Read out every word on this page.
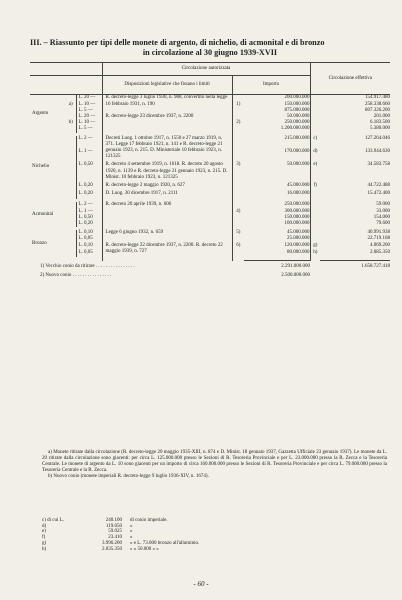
III. – Riassunto per tipi delle monete di argento, di nichelio, di acmonital e di bronzo
in circolazione al 30 giugno 1939-XVII
			Circolazione autorizzata			Circolazione effettiva	
			Disposizioni legislative che fissano i limiti	Importo			
Argento		L. 20 —	R. decreto-legge 3 luglio 1930, n. 988, convertito nella legge 16 febbraio 1931, n. 190		200.000.000		154.917.480
	a)	L. 10 —		1)	150.000.000		258.338.660
		L. 5 —			875.000.000		807.326.200
		L. 20 —	R. decreto-legge 23 dicembre 1937, n. 2200		50.000.000		201.000
	b)	L. 10 —		2)	250.000.000		6.183.500
		L. 5 —			1.200.000.000		5.380.000

Nichelio		L. 2 —	Decreti Luog. 1 ottobre 1917, n. 1550 e 27 marzo 1919, n. 371. Legge 17 febbraio 1921, n. 141 e R. decreto-legge 21 gennaio 1923, n. 215. D. Ministeriale 10 febbraio 1923, n. 121325		215.000.000	c)	127.264.046
		L. 1 —			170.000.000	d)	133.944.630
		L. 0,50	R. decreto 4 settembre 1919, n. 1618. R. decreto 20 agosto 1920, n. 1139 e R. decreto-legge 21 gennaio 1923, n. 215. D. Minist. 10 febbraio 1923, n. 121325	3)	50.000.000	e)	34.583.758
		L. 0,20	R. decreto-legge 2 maggio 1920, n. 627		45.000.000	f)	44.722.488
		L. 0,20	D. Luog. 30 dicembre 1917, n. 2111		16.000.000		15.472.400

Acmonital		L. 2 —	R. decreto 20 aprile 1939, n. 606		250.000.000		59.000
		L. 1 —		4)	300.000.000		33.000
		L. 0,50			150.000.000		154.000
		L. 0,20			100.000.000		79.600

Bronzo		L. 0,10	Legge 6 giugno 1932, n. 659	5)	45.000.000		40.991.938
		L. 0,05			25.000.000		22.719.168
		L. 0,10	R. decreto-legge 22 dicembre 1937, n. 2200. R. decreto 22 maggio 1939, n. 727	6)	120.000.000	g)	4.069.200
		L. 0,05			80.000.000	h)	2.085.350

1) Vecchio conio da ritirare . . . . . . . . . . . . . . . .					2.291.000.000		1.658.727.418
2) Nuovo conio . . . . . . . . . . . . . . . .					2.500.000.000		

a) Monete ritirate dalla circolazione (R. decreto-legge 20 maggio 1935-XIII, n. 874 e D. Minist. 18 gennaio 1937, Gazzetta Ufficiale 23 gennaio 1937). Le monete da L. 20 ritirate dalla circolazione sono giacenti: per circa L. 125.000.000 presso le Sezioni di R. Tesoreria Provinciale e per L. 23.000.000 presso la R. Zecca e la Tesoreria Centrale. Le monete di argento da L. 10 sono giacenti per un importo di circa 160.000.000 presso le Sezioni di R. Tesoreria Provinciale e per circa L. 79.000.000 presso la Tesoreria Centrale e la R. Zecca.

b) Nuovo conio (monete imperiali R. decreto-legge 9 luglio 1936-XIV, n. 1674).

c) di cui L.	240.100 di conio imperiale.
d)	119.050 »
e)	59.025 »
f)	23.410 »
g)	3.996.200 » e L. 73.000 bronzo all'alluminio.
h)	2.035.350 » » 50.000 » »
- 60 -
